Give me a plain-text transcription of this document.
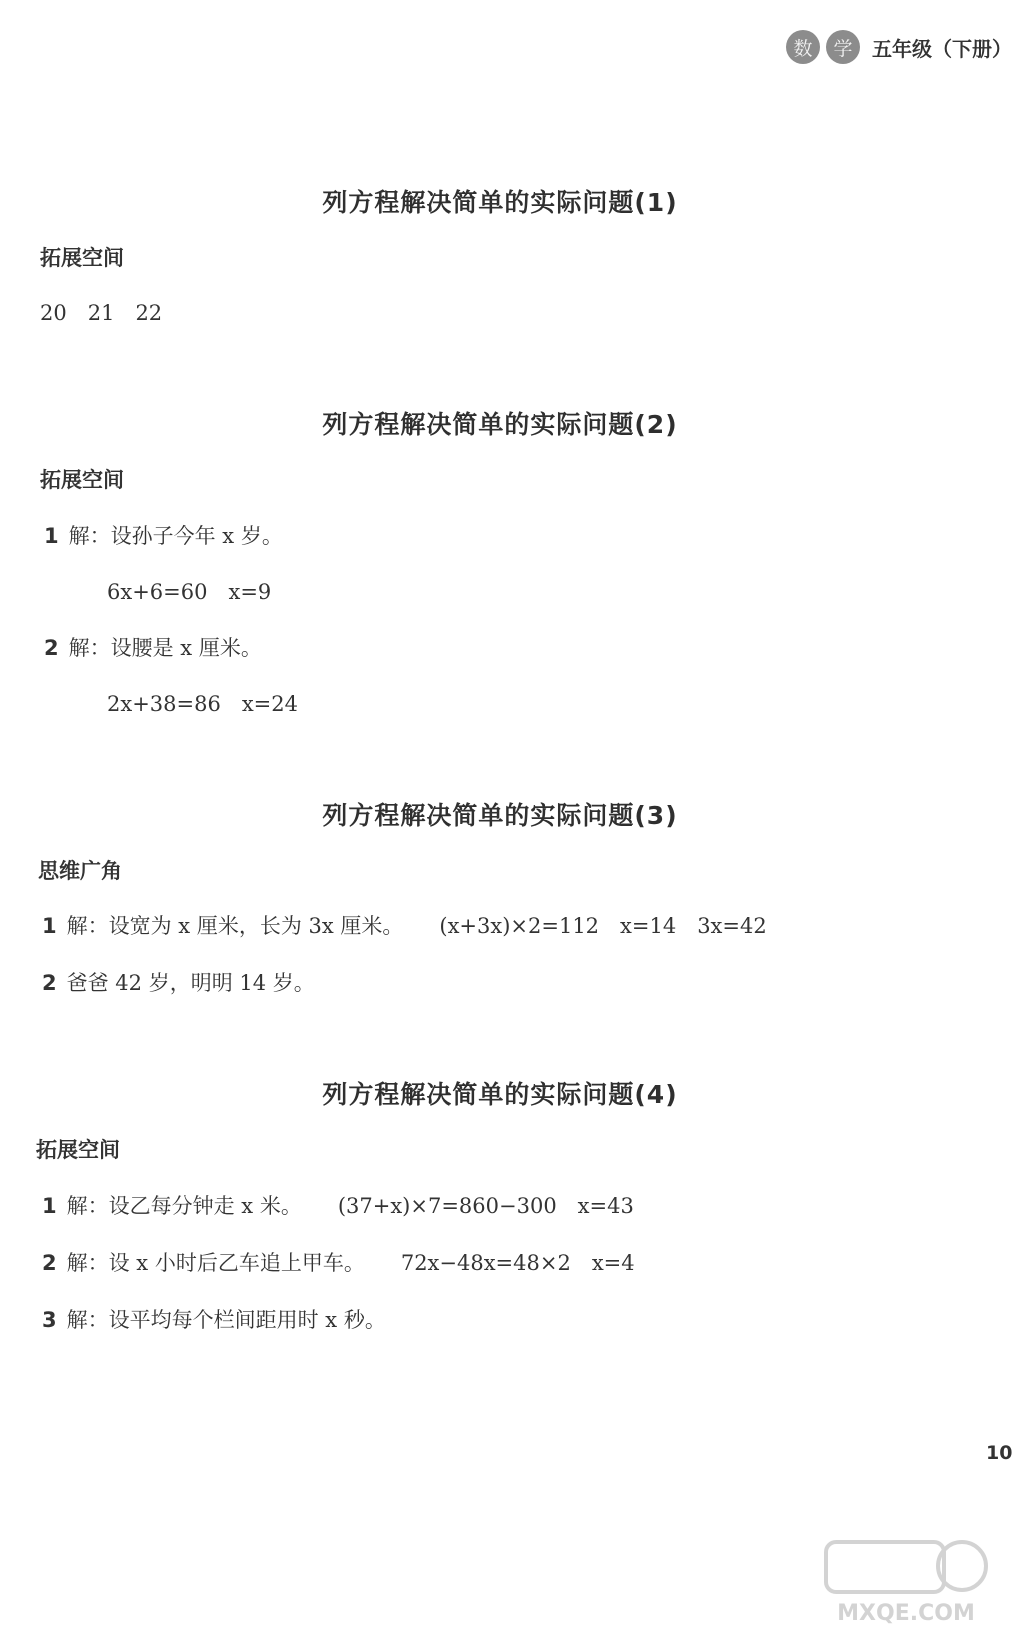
数	学 五年级（下册）
列方程解决简单的实际问题(1)
拓展空间
20　21　22
列方程解决简单的实际问题(2)
拓展空间
1 解：设孙子今年 x 岁。
6x+6=60　x=9
2 解：设腰是 x 厘米。
2x+38=86　x=24
列方程解决简单的实际问题(3)
思维广角
1 解：设宽为 x 厘米，长为 3x 厘米。 (x+3x)×2=112　x=14　3x=42
2 爸爸 42 岁，明明 14 岁。
列方程解决简单的实际问题(4)
拓展空间
1 解：设乙每分钟走 x 米。 (37+x)×7=860−300　x=43
2 解：设 x 小时后乙车追上甲车。 72x−48x=48×2　x=4
3 解：设平均每个栏间距用时 x 秒。
10
MXQE.COM
